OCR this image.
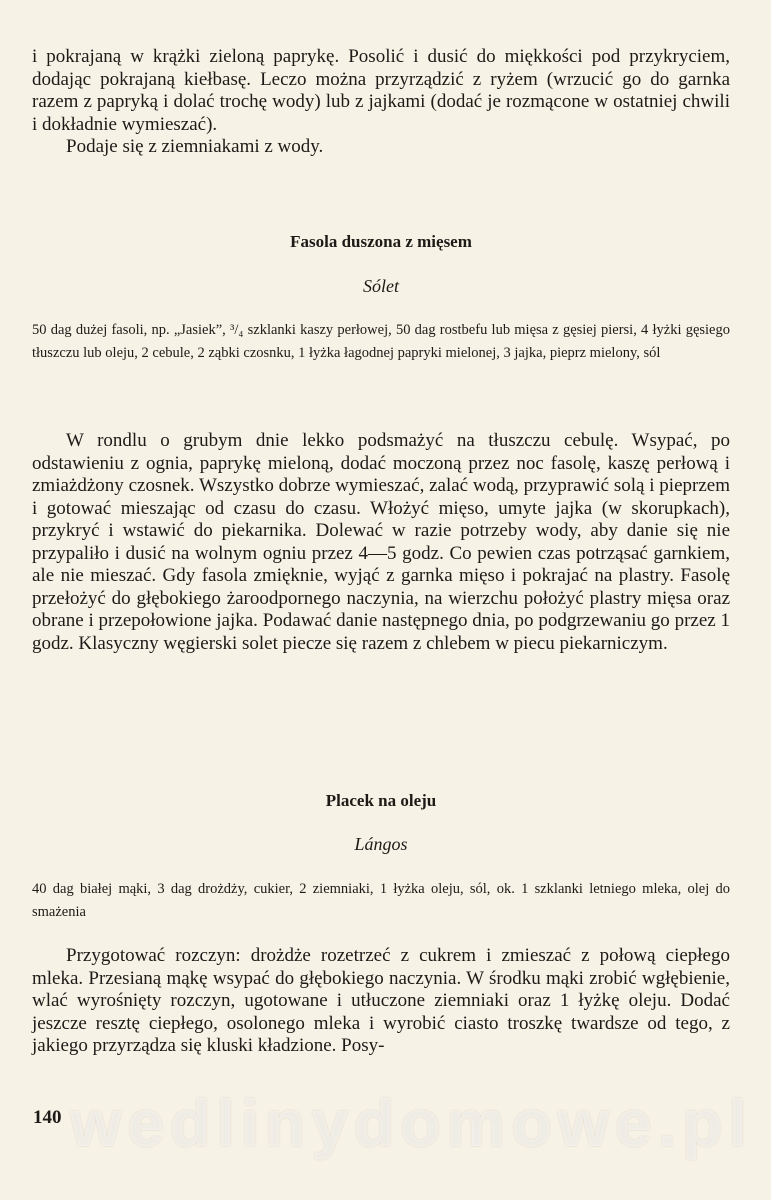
i pokrajaną w krążki zieloną paprykę. Posolić i dusić do miękkości pod przykryciem, dodając pokrajaną kiełbasę. Leczo można przyrządzić z ryżem (wrzucić go do garnka razem z papryką i dolać trochę wody) lub z jajkami (dodać je rozmącone w ostatniej chwili i dokładnie wymieszać).

Podaje się z ziemniakami z wody.

Fasola duszona z mięsem
Sólet

50 dag dużej fasoli, np. „Jasiek”, ³/₄ szklanki kaszy perłowej, 50 dag rostbefu lub mięsa z gęsiej piersi, 4 łyżki gęsiego tłuszczu lub oleju, 2 cebule, 2 ząbki czosnku, 1 łyżka łagodnej papryki mielonej, 3 jajka, pieprz mielony, sól

W rondlu o grubym dnie lekko podsmażyć na tłuszczu cebulę. Wsypać, po odstawieniu z ognia, paprykę mieloną, dodać moczoną przez noc fasolę, kaszę perłową i zmiażdżony czosnek. Wszystko dobrze wymieszać, zalać wodą, przyprawić solą i pieprzem i gotować mieszając od czasu do czasu. Włożyć mięso, umyte jajka (w skorupkach), przykryć i wstawić do piekarnika. Dolewać w razie potrzeby wody, aby danie się nie przypaliło i dusić na wolnym ogniu przez 4—5 godz. Co pewien czas potrząsać garnkiem, ale nie mieszać. Gdy fasola zmięknie, wyjąć z garnka mięso i pokrajać na plastry. Fasolę przełożyć do głębokiego żaroodpornego naczynia, na wierzchu położyć plastry mięsa oraz obrane i przepołowione jajka. Podawać danie następnego dnia, po podgrzewaniu go przez 1 godz. Klasyczny węgierski solet piecze się razem z chlebem w piecu piekarniczym.

Placek na oleju
Lángos

40 dag białej mąki, 3 dag drożdży, cukier, 2 ziemniaki, 1 łyżka oleju, sól, ok. 1 szklanki letniego mleka, olej do smażenia

Przygotować rozczyn: drożdże rozetrzeć z cukrem i zmieszać z połową ciepłego mleka. Przesianą mąkę wsypać do głębokiego naczynia. W środku mąki zrobić wgłębienie, wlać wyrośnięty rozczyn, ugotowane i utłuczone ziemniaki oraz 1 łyżkę oleju. Dodać jeszcze resztę ciepłego, osolonego mleka i wyrobić ciasto troszkę twardsze od tego, z jakiego przyrządza się kluski kładzione. Posy-

wedlinydomowe.pl
140
